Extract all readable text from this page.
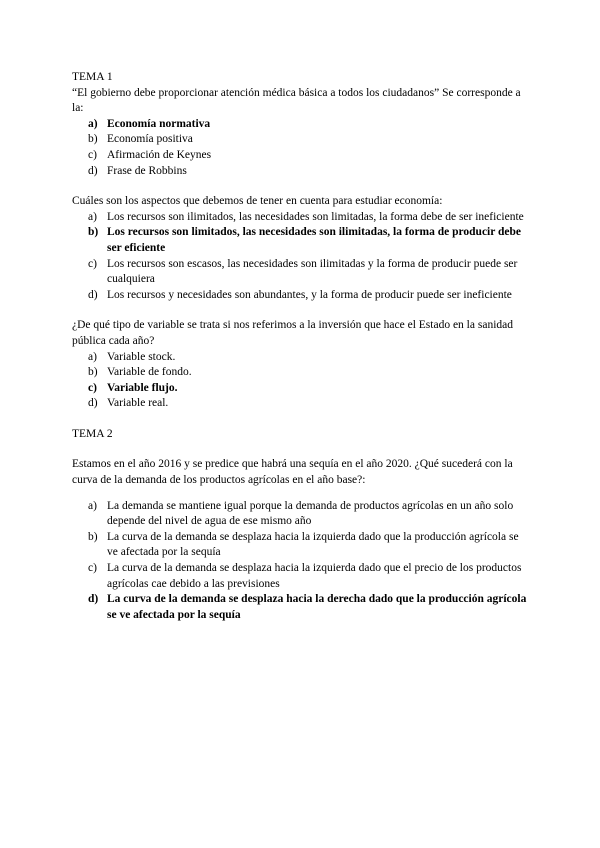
TEMA 1

“El gobierno debe proporcionar atención médica básica a todos los ciudadanos” Se corresponde a la:

a) Economía normativa
b) Economía positiva
c) Afirmación de Keynes
d) Frase de Robbins

Cuáles son los aspectos que debemos de tener en cuenta para estudiar economía:

a) Los recursos son ilimitados, las necesidades son limitadas, la forma debe de ser ineficiente
b) Los recursos son limitados, las necesidades son ilimitadas, la forma de producir debe ser eficiente
c) Los recursos son escasos, las necesidades son ilimitadas y la forma de producir puede ser cualquiera
d) Los recursos y necesidades son abundantes, y la forma de producir puede ser ineficiente

¿De qué tipo de variable se trata si nos referimos a la inversión que hace el Estado en la sanidad pública cada año?

a) Variable stock.
b) Variable de fondo.
c) Variable flujo.
d) Variable real.

TEMA 2

Estamos en el año 2016 y se predice que habrá una sequía en el año 2020. ¿Qué sucederá con la curva de la demanda de los productos agrícolas en el año base?:

a) La demanda se mantiene igual porque la demanda de productos agrícolas en un año solo depende del nivel de agua de ese mismo año
b) La curva de la demanda se desplaza hacia la izquierda dado que la producción agrícola se ve afectada por la sequía
c) La curva de la demanda se desplaza hacia la izquierda dado que el precio de los productos agrícolas cae debido a las previsiones
d) La curva de la demanda se desplaza hacia la derecha dado que la producción agrícola se ve afectada por la sequía
